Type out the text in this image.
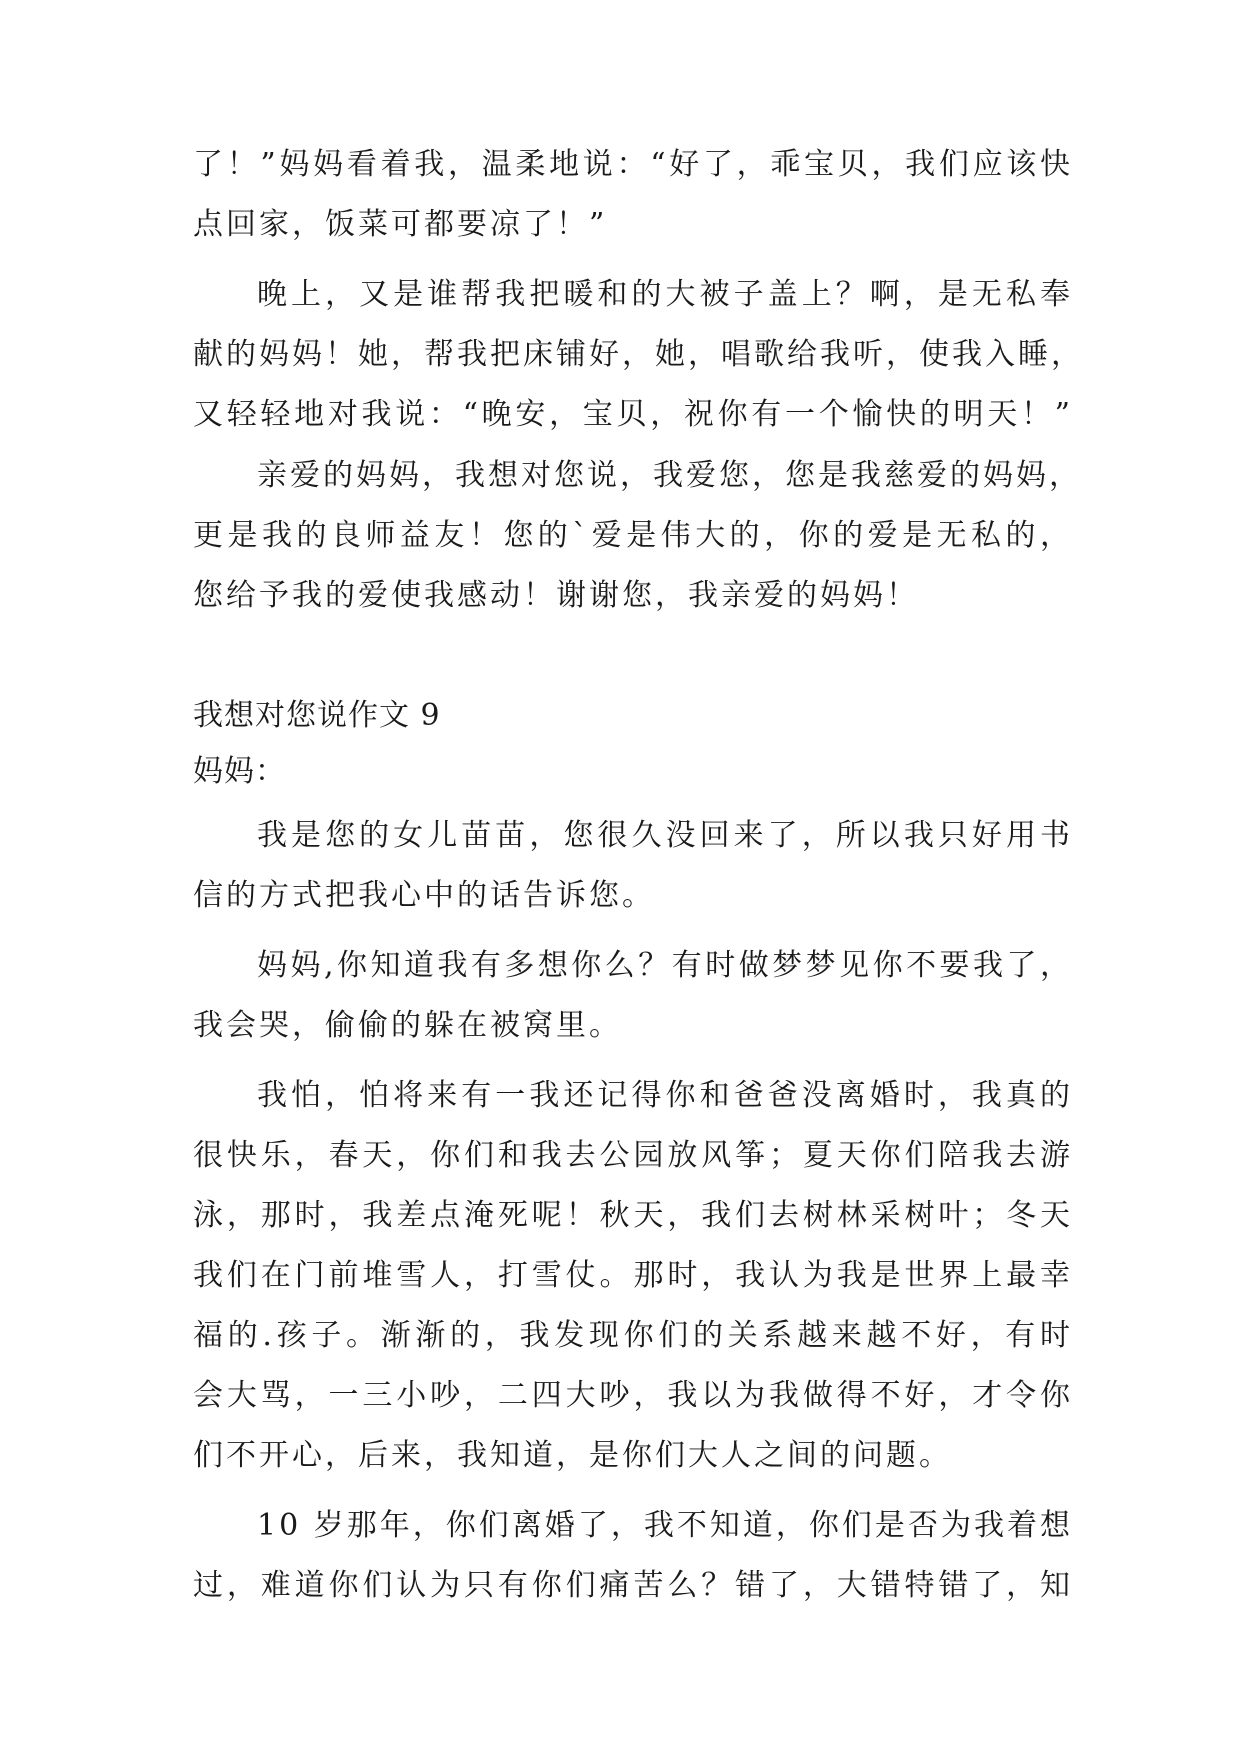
了！”妈妈看着我，温柔地说：“好了，乖宝贝，我们应该快
点回家，饭菜可都要凉了！”
晚上，又是谁帮我把暖和的大被子盖上？啊，是无私奉
献的妈妈！她，帮我把床铺好，她，唱歌给我听，使我入睡，
又轻轻地对我说：“晚安，宝贝，祝你有一个愉快的明天！”
亲爱的妈妈，我想对您说，我爱您，您是我慈爱的妈妈，
更是我的良师益友！您的`爱是伟大的，你的爱是无私的，
您给予我的爱使我感动！谢谢您，我亲爱的妈妈！
我想对您说作文 9
妈妈：
我是您的女儿苗苗，您很久没回来了，所以我只好用书
信的方式把我心中的话告诉您。
妈妈,你知道我有多想你么？有时做梦梦见你不要我了，
我会哭，偷偷的躲在被窝里。
我怕，怕将来有一我还记得你和爸爸没离婚时，我真的
很快乐，春天，你们和我去公园放风筝；夏天你们陪我去游
泳，那时，我差点淹死呢！秋天，我们去树林采树叶；冬天
我们在门前堆雪人，打雪仗。那时，我认为我是世界上最幸
福的.孩子。渐渐的，我发现你们的关系越来越不好，有时
会大骂，一三小吵，二四大吵，我以为我做得不好，才令你
们不开心，后来，我知道，是你们大人之间的问题。
10 岁那年，你们离婚了，我不知道，你们是否为我着想
过，难道你们认为只有你们痛苦么？错了，大错特错了，知
